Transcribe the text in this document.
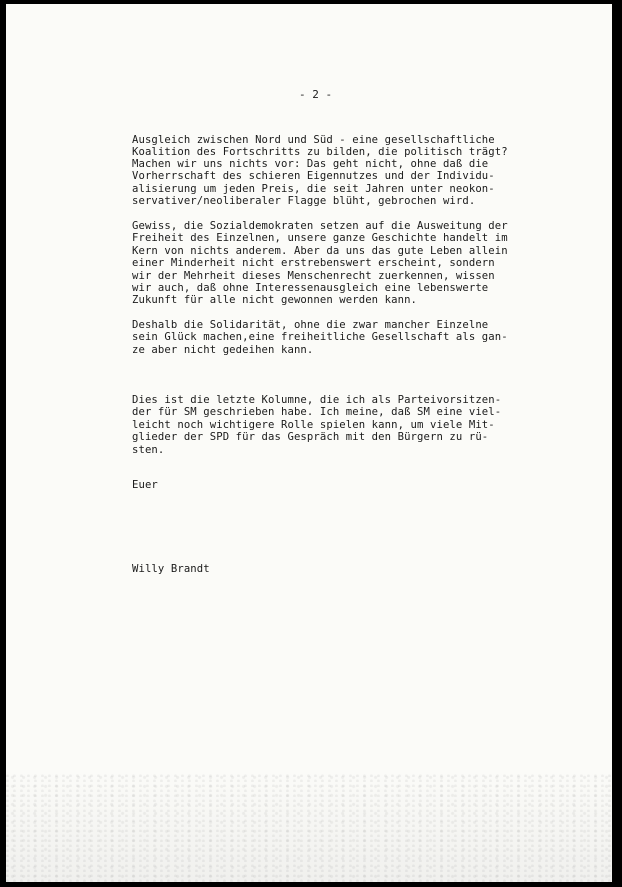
- 2 -
Ausgleich zwischen Nord und Süd - eine gesellschaftliche
Koalition des Fortschritts zu bilden, die politisch trägt?
Machen wir uns nichts vor: Das geht nicht, ohne daß die
Vorherrschaft des schieren Eigennutzes und der Individu-
alisierung um jeden Preis, die seit Jahren unter neokon-
servativer/neoliberaler Flagge blüht, gebrochen wird.
Gewiss, die Sozialdemokraten setzen auf die Ausweitung der
Freiheit des Einzelnen, unsere ganze Geschichte handelt im
Kern von nichts anderem. Aber da uns das gute Leben allein
einer Minderheit nicht erstrebenswert erscheint, sondern
wir der Mehrheit dieses Menschenrecht zuerkennen, wissen
wir auch, daß ohne Interessenausgleich eine lebenswerte
Zukunft für alle nicht gewonnen werden kann.
Deshalb die Solidarität, ohne die zwar mancher Einzelne
sein Glück machen,eine freiheitliche Gesellschaft als gan-
ze aber nicht gedeihen kann.
Dies ist die letzte Kolumne, die ich als Parteivorsitzen-
der für SM geschrieben habe. Ich meine, daß SM eine viel-
leicht noch wichtigere Rolle spielen kann, um viele Mit-
glieder der SPD für das Gespräch mit den Bürgern zu rü-
sten.
Euer
Willy Brandt
